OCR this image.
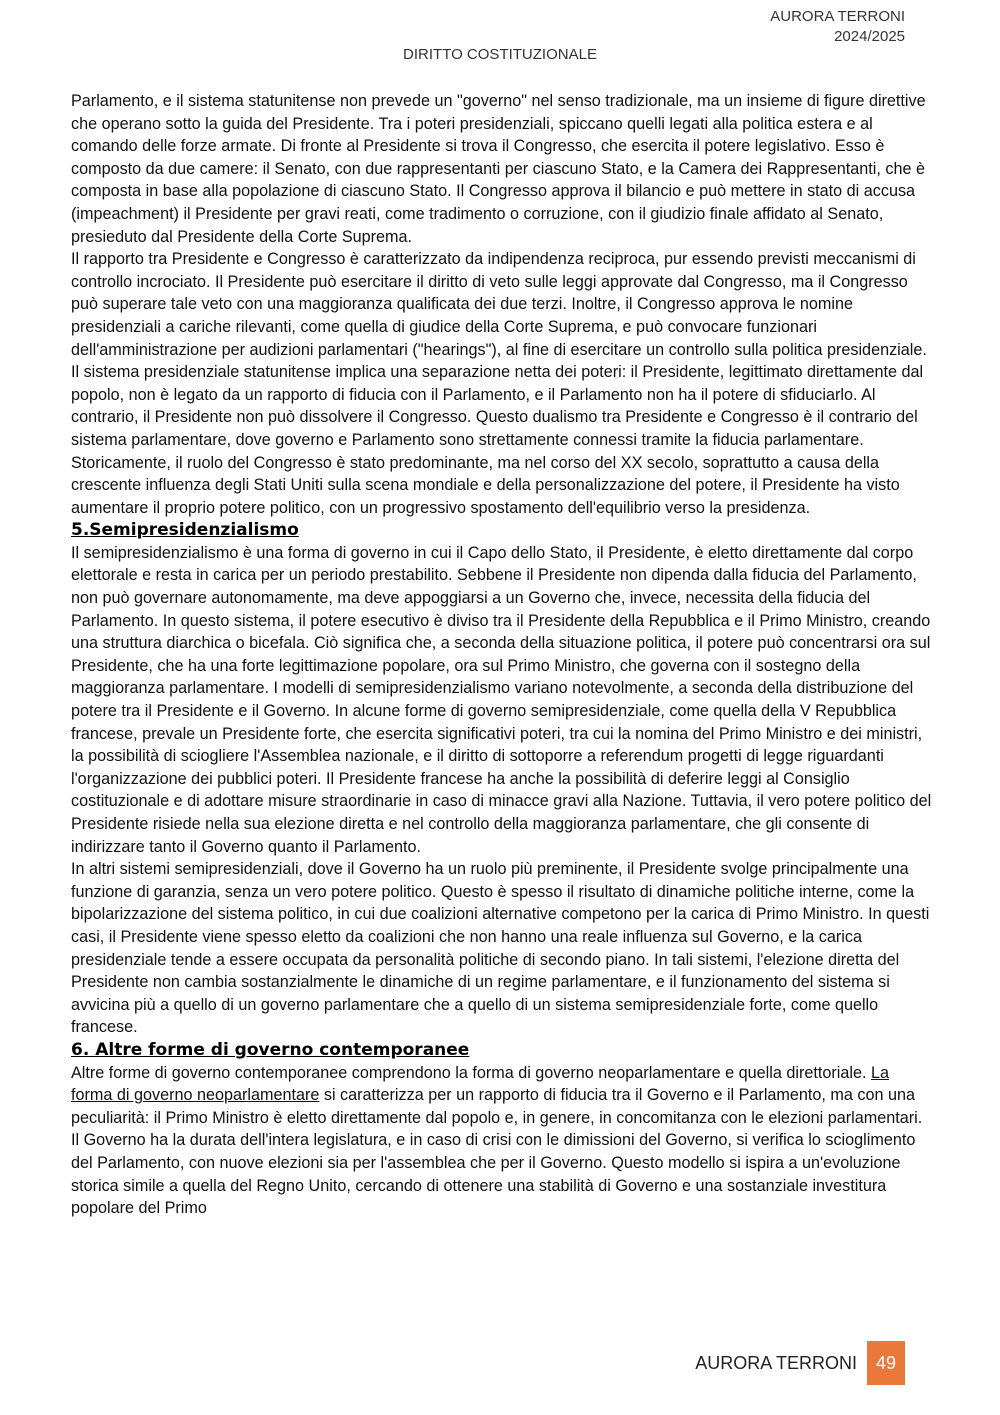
AURORA TERRONI
2024/2025
DIRITTO COSTITUZIONALE

Parlamento, e il sistema statunitense non prevede un "governo" nel senso tradizionale, ma un insieme di figure direttive che operano sotto la guida del Presidente. Tra i poteri presidenziali, spiccano quelli legati alla politica estera e al comando delle forze armate. Di fronte al Presidente si trova il Congresso, che esercita il potere legislativo. Esso è composto da due camere: il Senato, con due rappresentanti per ciascuno Stato, e la Camera dei Rappresentanti, che è composta in base alla popolazione di ciascuno Stato. Il Congresso approva il bilancio e può mettere in stato di accusa (impeachment) il Presidente per gravi reati, come tradimento o corruzione, con il giudizio finale affidato al Senato, presieduto dal Presidente della Corte Suprema.

Il rapporto tra Presidente e Congresso è caratterizzato da indipendenza reciproca, pur essendo previsti meccanismi di controllo incrociato. Il Presidente può esercitare il diritto di veto sulle leggi approvate dal Congresso, ma il Congresso può superare tale veto con una maggioranza qualificata dei due terzi. Inoltre, il Congresso approva le nomine presidenziali a cariche rilevanti, come quella di giudice della Corte Suprema, e può convocare funzionari dell'amministrazione per audizioni parlamentari ("hearings"), al fine di esercitare un controllo sulla politica presidenziale.

Il sistema presidenziale statunitense implica una separazione netta dei poteri: il Presidente, legittimato direttamente dal popolo, non è legato da un rapporto di fiducia con il Parlamento, e il Parlamento non ha il potere di sfiduciarlo. Al contrario, il Presidente non può dissolvere il Congresso. Questo dualismo tra Presidente e Congresso è il contrario del sistema parlamentare, dove governo e Parlamento sono strettamente connessi tramite la fiducia parlamentare. Storicamente, il ruolo del Congresso è stato predominante, ma nel corso del XX secolo, soprattutto a causa della crescente influenza degli Stati Uniti sulla scena mondiale e della personalizzazione del potere, il Presidente ha visto aumentare il proprio potere politico, con un progressivo spostamento dell'equilibrio verso la presidenza.

5.Semipresidenzialismo

Il semipresidenzialismo è una forma di governo in cui il Capo dello Stato, il Presidente, è eletto direttamente dal corpo elettorale e resta in carica per un periodo prestabilito. Sebbene il Presidente non dipenda dalla fiducia del Parlamento, non può governare autonomamente, ma deve appoggiarsi a un Governo che, invece, necessita della fiducia del Parlamento. In questo sistema, il potere esecutivo è diviso tra il Presidente della Repubblica e il Primo Ministro, creando una struttura diarchica o bicefala. Ciò significa che, a seconda della situazione politica, il potere può concentrarsi ora sul Presidente, che ha una forte legittimazione popolare, ora sul Primo Ministro, che governa con il sostegno della maggioranza parlamentare. I modelli di semipresidenzialismo variano notevolmente, a seconda della distribuzione del potere tra il Presidente e il Governo. In alcune forme di governo semipresidenziale, come quella della V Repubblica francese, prevale un Presidente forte, che esercita significativi poteri, tra cui la nomina del Primo Ministro e dei ministri, la possibilità di sciogliere l'Assemblea nazionale, e il diritto di sottoporre a referendum progetti di legge riguardanti l'organizzazione dei pubblici poteri. Il Presidente francese ha anche la possibilità di deferire leggi al Consiglio costituzionale e di adottare misure straordinarie in caso di minacce gravi alla Nazione. Tuttavia, il vero potere politico del Presidente risiede nella sua elezione diretta e nel controllo della maggioranza parlamentare, che gli consente di indirizzare tanto il Governo quanto il Parlamento.

In altri sistemi semipresidenziali, dove il Governo ha un ruolo più preminente, il Presidente svolge principalmente una funzione di garanzia, senza un vero potere politico. Questo è spesso il risultato di dinamiche politiche interne, come la bipolarizzazione del sistema politico, in cui due coalizioni alternative competono per la carica di Primo Ministro. In questi casi, il Presidente viene spesso eletto da coalizioni che non hanno una reale influenza sul Governo, e la carica presidenziale tende a essere occupata da personalità politiche di secondo piano. In tali sistemi, l'elezione diretta del Presidente non cambia sostanzialmente le dinamiche di un regime parlamentare, e il funzionamento del sistema si avvicina più a quello di un governo parlamentare che a quello di un sistema semipresidenziale forte, come quello francese.

6. Altre forme di governo contemporanee

Altre forme di governo contemporanee comprendono la forma di governo neoparlamentare e quella direttoriale. La forma di governo neoparlamentare si caratterizza per un rapporto di fiducia tra il Governo e il Parlamento, ma con una peculiarità: il Primo Ministro è eletto direttamente dal popolo e, in genere, in concomitanza con le elezioni parlamentari. Il Governo ha la durata dell'intera legislatura, e in caso di crisi con le dimissioni del Governo, si verifica lo scioglimento del Parlamento, con nuove elezioni sia per l'assemblea che per il Governo. Questo modello si ispira a un'evoluzione storica simile a quella del Regno Unito, cercando di ottenere una stabilità di Governo e una sostanziale investitura popolare del Primo

AURORA TERRONI	49
